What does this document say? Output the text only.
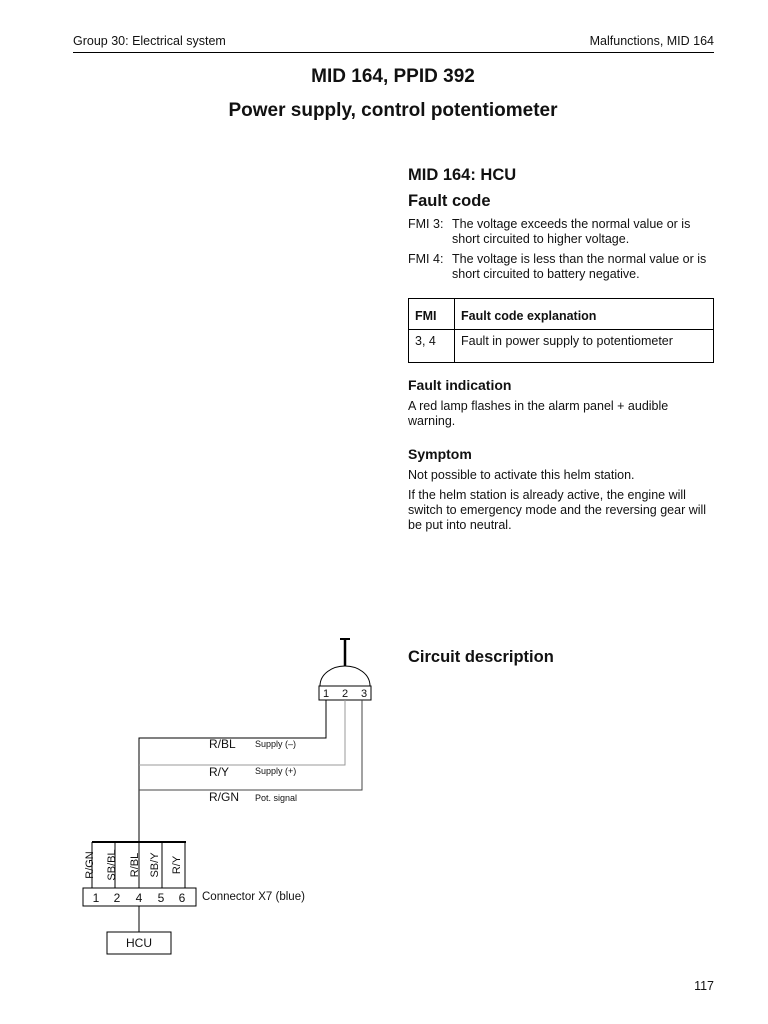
Group 30: Electrical system	Malfunctions, MID 164
MID 164, PPID 392
Power supply, control potentiometer
MID 164: HCU
Fault code
FMI 3: The voltage exceeds the normal value or is short circuited to higher voltage.
FMI 4: The voltage is less than the normal value or is short circuited to battery negative.
FMI	Fault code explanation
3, 4	Fault in power supply to potentiometer
Fault indication
A red lamp flashes in the alarm panel + audible warning.
Symptom
Not possible to activate this helm station.
If the helm station is already active, the engine will switch to emergency mode and the reversing gear will be put into neutral.
Circuit description
1 2 3
R/BL Supply (–)
R/Y	Supply (+)
R/GN Pot. signal
R/GN SB/BL R/BL SB/Y R/Y
1 2 4 5 6 Connector X7 (blue)
HCU
117
